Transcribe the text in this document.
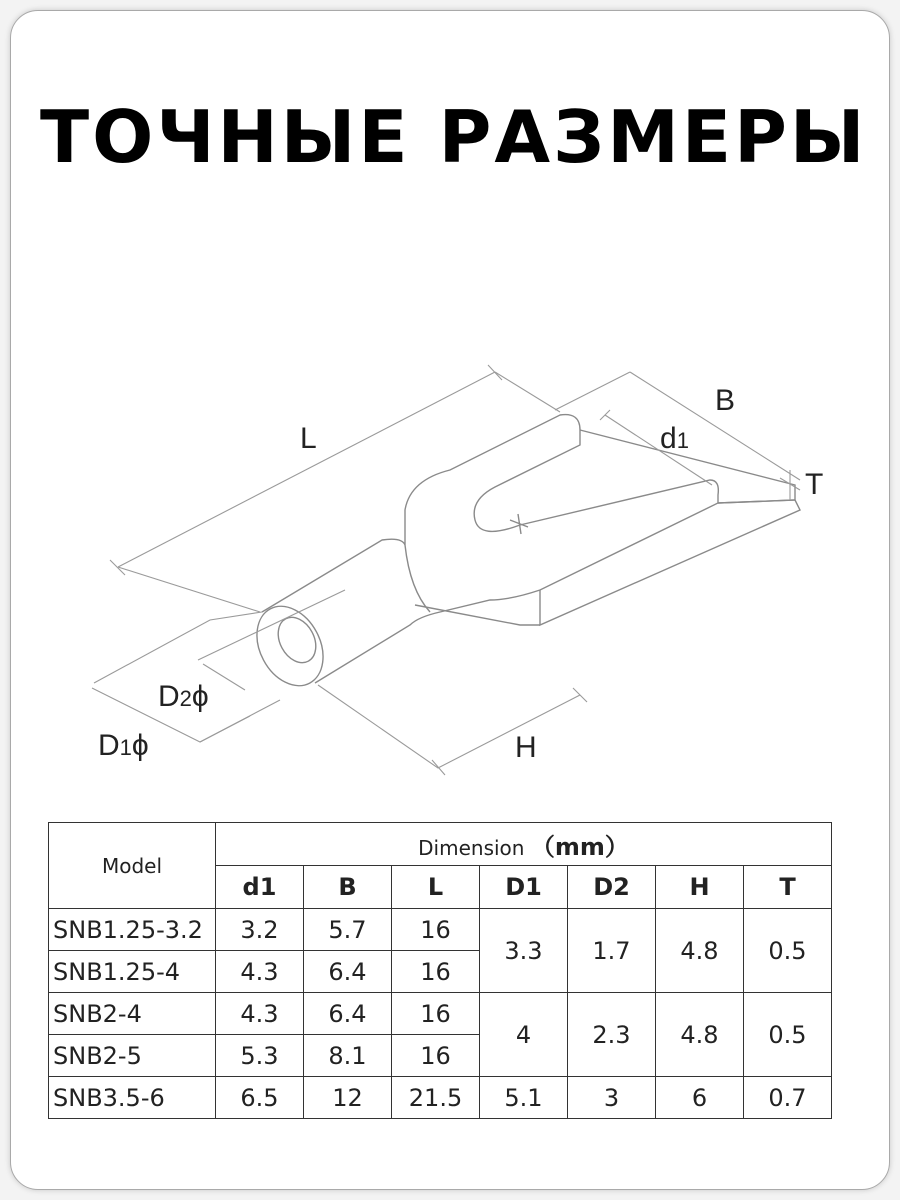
ТОЧНЫЕ РАЗМЕРЫ
L
B
d1
T
D2ϕ
D1ϕ	H
Model	Dimension （mm）						
	d1	B	L	D1	D2	H	T
SNB1.25-3.2	3.2	5.7	16	3.3	1.7	4.8	0.5
SNB1.25-4	4.3	6.4	16				
SNB2-4	4.3	6.4	16	4	2.3	4.8	0.5
SNB2-5	5.3	8.1	16				
SNB3.5-6	6.5	12	21.5	5.1	3	6	0.7
